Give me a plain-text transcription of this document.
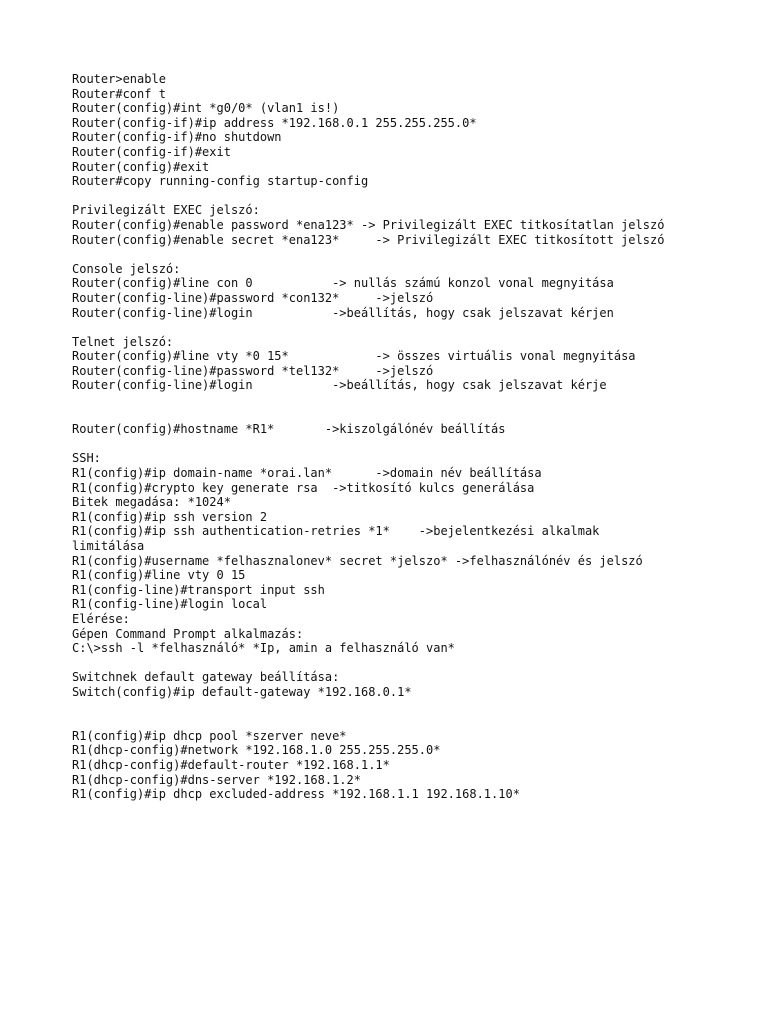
Router>enable
Router#conf t
Router(config)#int *g0/0* (vlan1 is!)
Router(config-if)#ip address *192.168.0.1 255.255.255.0*
Router(config-if)#no shutdown
Router(config-if)#exit
Router(config)#exit
Router#copy running-config startup-config
Privilegizált EXEC jelszó:
Router(config)#enable password *ena123* -> Privilegizált EXEC titkosítatlan jelszó
Router(config)#enable secret *ena123*     -> Privilegizált EXEC titkosított jelszó
Console jelszó:
Router(config)#line con 0           -> nullás számú konzol vonal megnyitása
Router(config-line)#password *con132*     ->jelszó
Router(config-line)#login           ->beállítás, hogy csak jelszavat kérjen
Telnet jelszó:
Router(config)#line vty *0 15*            -> összes virtuális vonal megnyitása
Router(config-line)#password *tel132*     ->jelszó
Router(config-line)#login           ->beállítás, hogy csak jelszavat kérje
Router(config)#hostname *R1*       ->kiszolgálónév beállítás
SSH:
R1(config)#ip domain-name *orai.lan*      ->domain név beállítása
R1(config)#crypto key generate rsa  ->titkosító kulcs generálása
Bitek megadása: *1024*
R1(config)#ip ssh version 2
R1(config)#ip ssh authentication-retries *1*    ->bejelentkezési alkalmak
limitálása
R1(config)#username *felhasznalonev* secret *jelszo* ->felhasználónév és jelszó
R1(config)#line vty 0 15
R1(config-line)#transport input ssh
R1(config-line)#login local
Elérése:
Gépen Command Prompt alkalmazás:
C:\>ssh -l *felhasználó* *Ip, amin a felhasználó van*
Switchnek default gateway beállítása:
Switch(config)#ip default-gateway *192.168.0.1*
R1(config)#ip dhcp pool *szerver neve*
R1(dhcp-config)#network *192.168.1.0 255.255.255.0*
R1(dhcp-config)#default-router *192.168.1.1*
R1(dhcp-config)#dns-server *192.168.1.2*
R1(config)#ip dhcp excluded-address *192.168.1.1 192.168.1.10*
